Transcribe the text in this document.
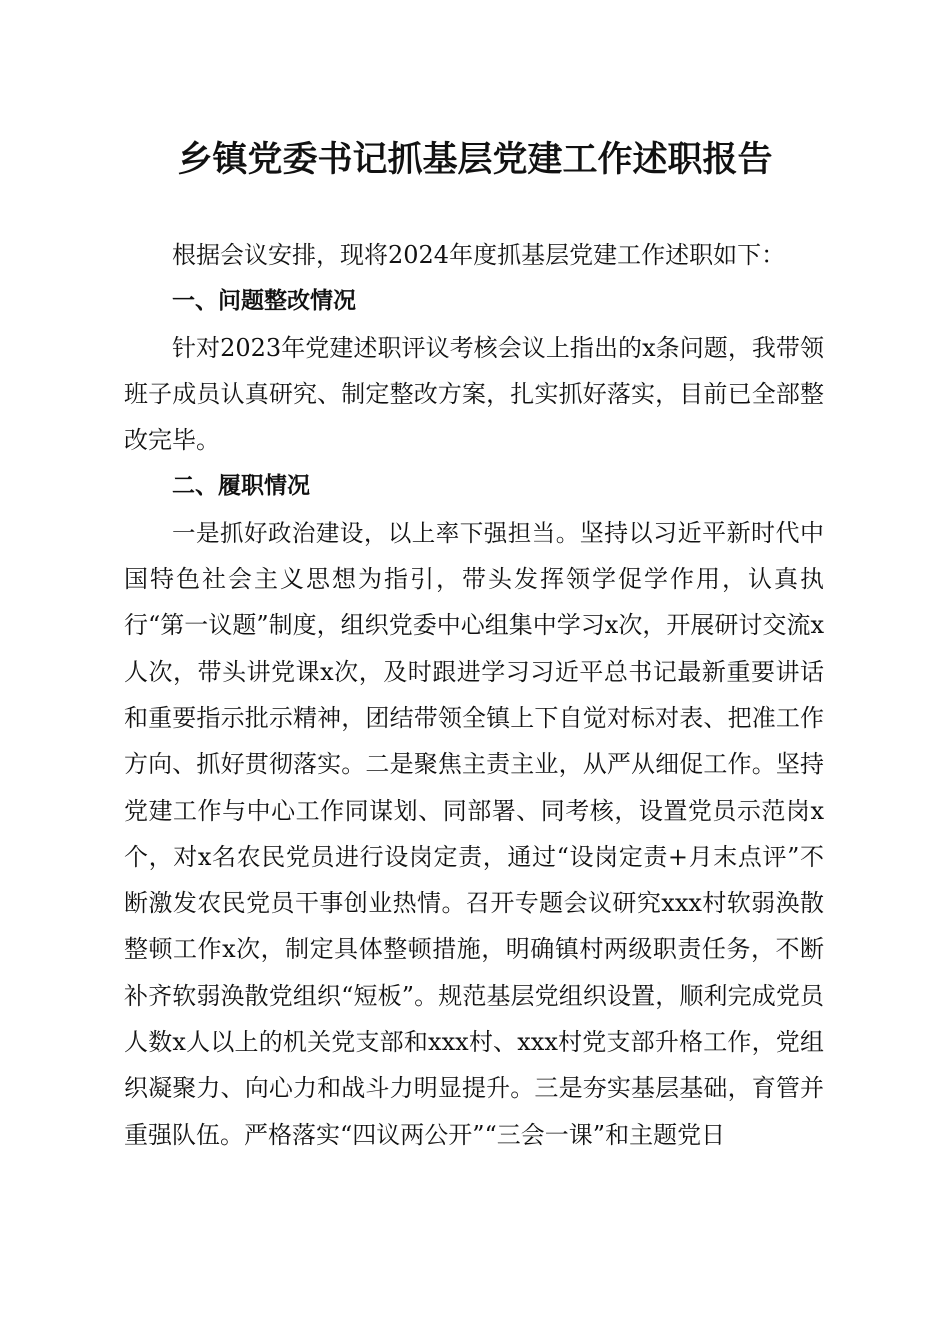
乡镇党委书记抓基层党建工作述职报告

根据会议安排，现将2024年度抓基层党建工作述职如下：

一、问题整改情况

针对2023年党建述职评议考核会议上指出的x条问题，我带领班子成员认真研究、制定整改方案，扎实抓好落实，目前已全部整改完毕。

二、履职情况

一是抓好政治建设，以上率下强担当。坚持以习近平新时代中国特色社会主义思想为指引，带头发挥领学促学作用，认真执行“第一议题”制度，组织党委中心组集中学习x次，开展研讨交流x人次，带头讲党课x次，及时跟进学习习近平总书记最新重要讲话和重要指示批示精神，团结带领全镇上下自觉对标对表、把准工作方向、抓好贯彻落实。二是聚焦主责主业，从严从细促工作。坚持党建工作与中心工作同谋划、同部署、同考核，设置党员示范岗x个，对x名农民党员进行设岗定责，通过“设岗定责+月末点评”不断激发农民党员干事创业热情。召开专题会议研究xxx村软弱涣散整顿工作x次，制定具体整顿措施，明确镇村两级职责任务，不断补齐软弱涣散党组织“短板”。规范基层党组织设置，顺利完成党员人数x人以上的机关党支部和xxx村、xxx村党支部升格工作，党组织凝聚力、向心力和战斗力明显提升。三是夯实基层基础，育管并重强队伍。严格落实“四议两公开”“三会一课”和主题党日
